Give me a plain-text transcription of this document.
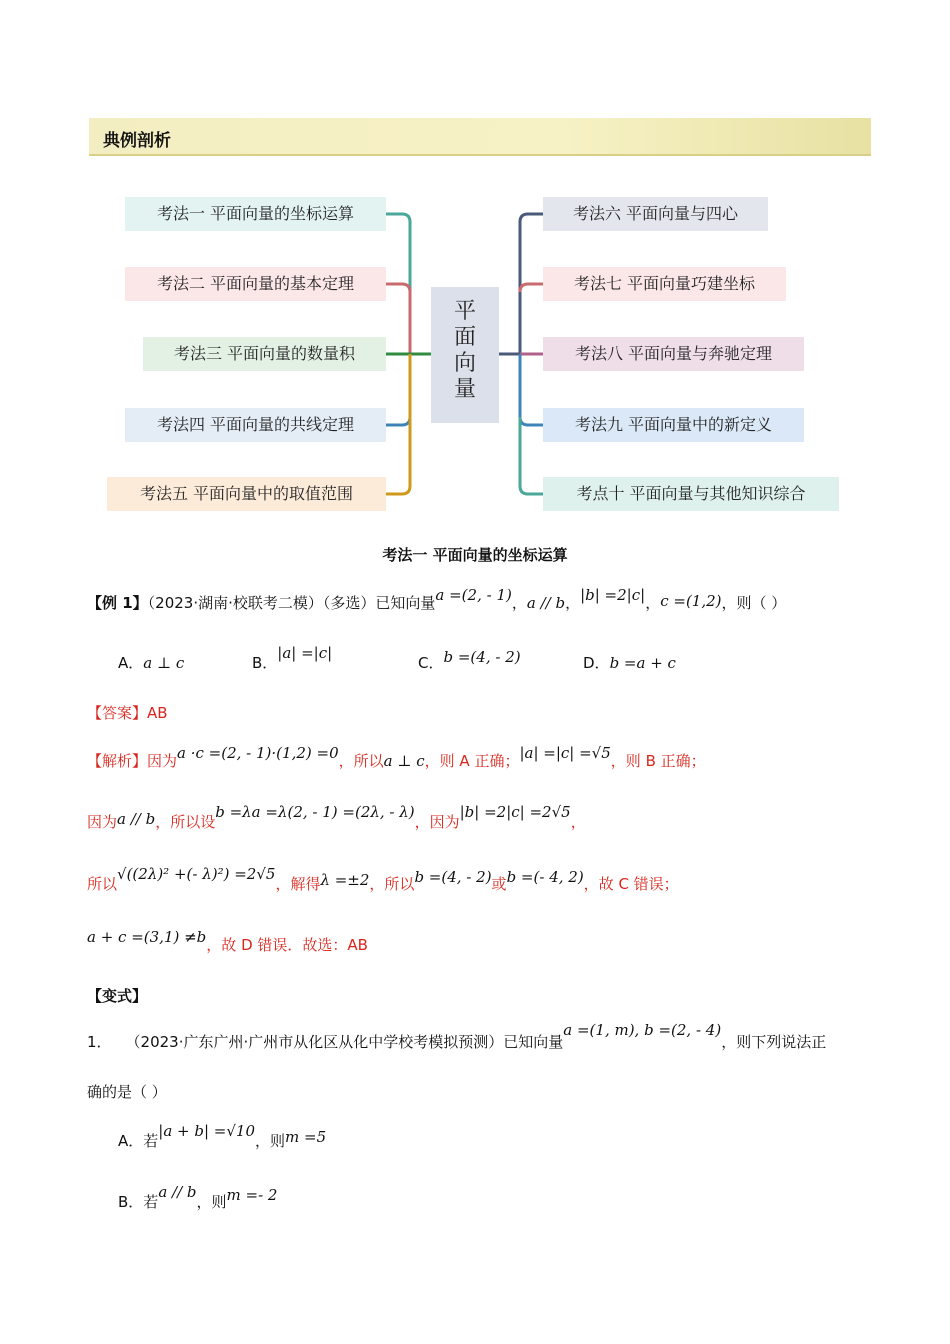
典例剖析
考法一 平面向量的坐标运算
考法二 平面向量的基本定理
考法三 平面向量的数量积
考法四 平面向量的共线定理
考法五 平面向量中的取值范围
平
面
向
量
考法六 平面向量与四心
考法七 平面向量巧建坐标
考法八 平面向量与奔驰定理
考法九 平面向量中的新定义
考点十 平面向量与其他知识综合
考法一 平面向量的坐标运算
【例 1】（2023·湖南·校联考二模）（多选）已知向量a =(2, - 1)，a // b，|b| =2|c|，c =(1,2)，则（ ）
A．a ⊥ c	B．|a| =|c|
C．b =(4, - 2)	D．b =a + c
【答案】AB
【解析】因为a ·c =(2, - 1)·(1,2) =0，所以a ⊥ c，则 A 正确；|a| =|c| =√5，则 B 正确；
因为a // b，所以设b =λa =λ(2, - 1) =(2λ, - λ)，因为|b| =2|c| =2√5，
所以√((2λ)² +(- λ)²) =2√5，解得λ =±2，所以b =(4, - 2)或b =(- 4, 2)，故 C 错误；
a + c =(3,1) ≠b，故 D 错误．故选：AB
【变式】
1． （2023·广东广州·广州市从化区从化中学校考模拟预测）已知向量a =(1, m), b =(2, - 4)，则下列说法正
确的是（ ）
A．若|a + b| =√10，则m =5
B．若a // b，则m =- 2
